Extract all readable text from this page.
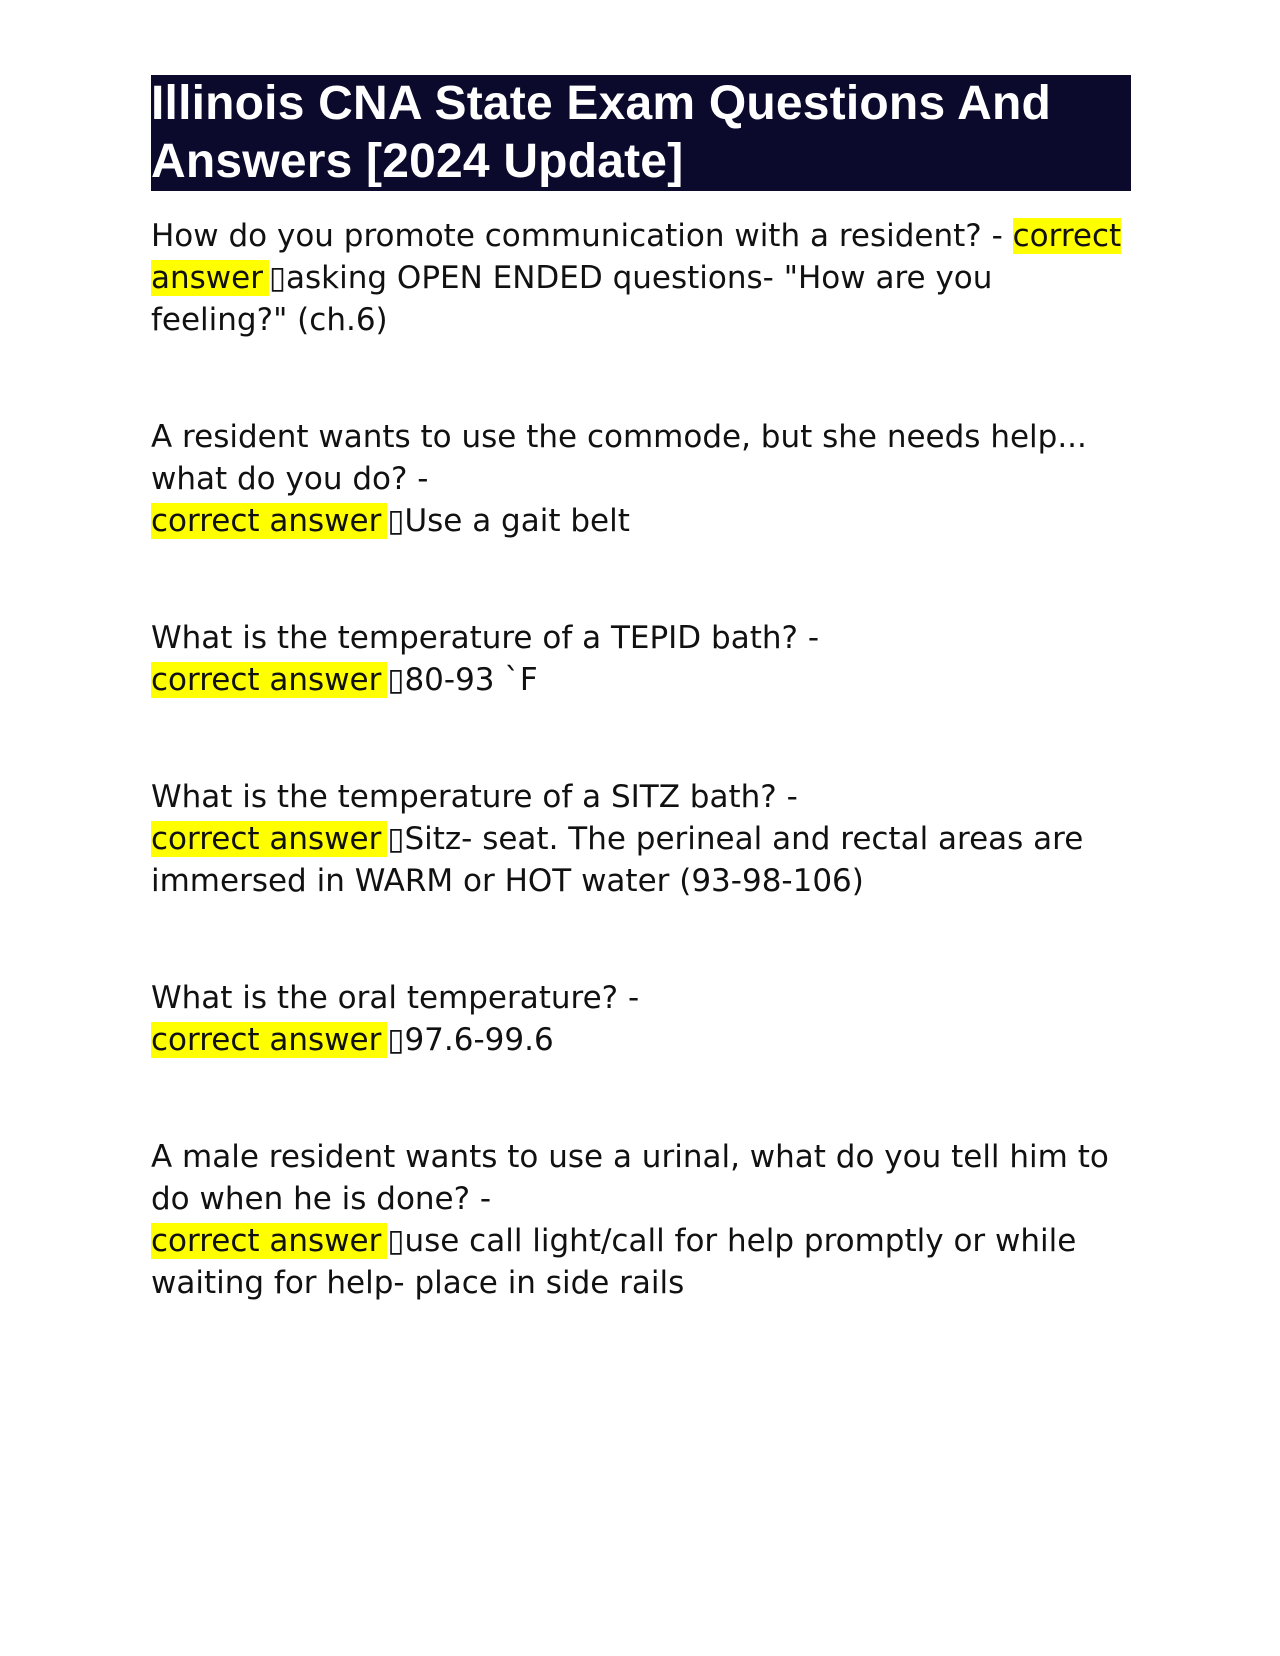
Illinois CNA State Exam Questions And Answers [2024 Update]
How do you promote communication with a resident? - correct answer ▯asking OPEN ENDED questions- "How are you feeling?" (ch.6)

A resident wants to use the commode, but she needs help... what do you do? -

correct answer ▯Use a gait belt

What is the temperature of a TEPID bath? -

correct answer ▯80-93 `F

What is the temperature of a SITZ bath? -

correct answer ▯Sitz- seat. The perineal and rectal areas are immersed in WARM or HOT water (93-98-106)

What is the oral temperature? -

correct answer ▯97.6-99.6

A male resident wants to use a urinal, what do you tell him to do when he is done? -

correct answer ▯use call light/call for help promptly or while waiting for help- place in side rails
